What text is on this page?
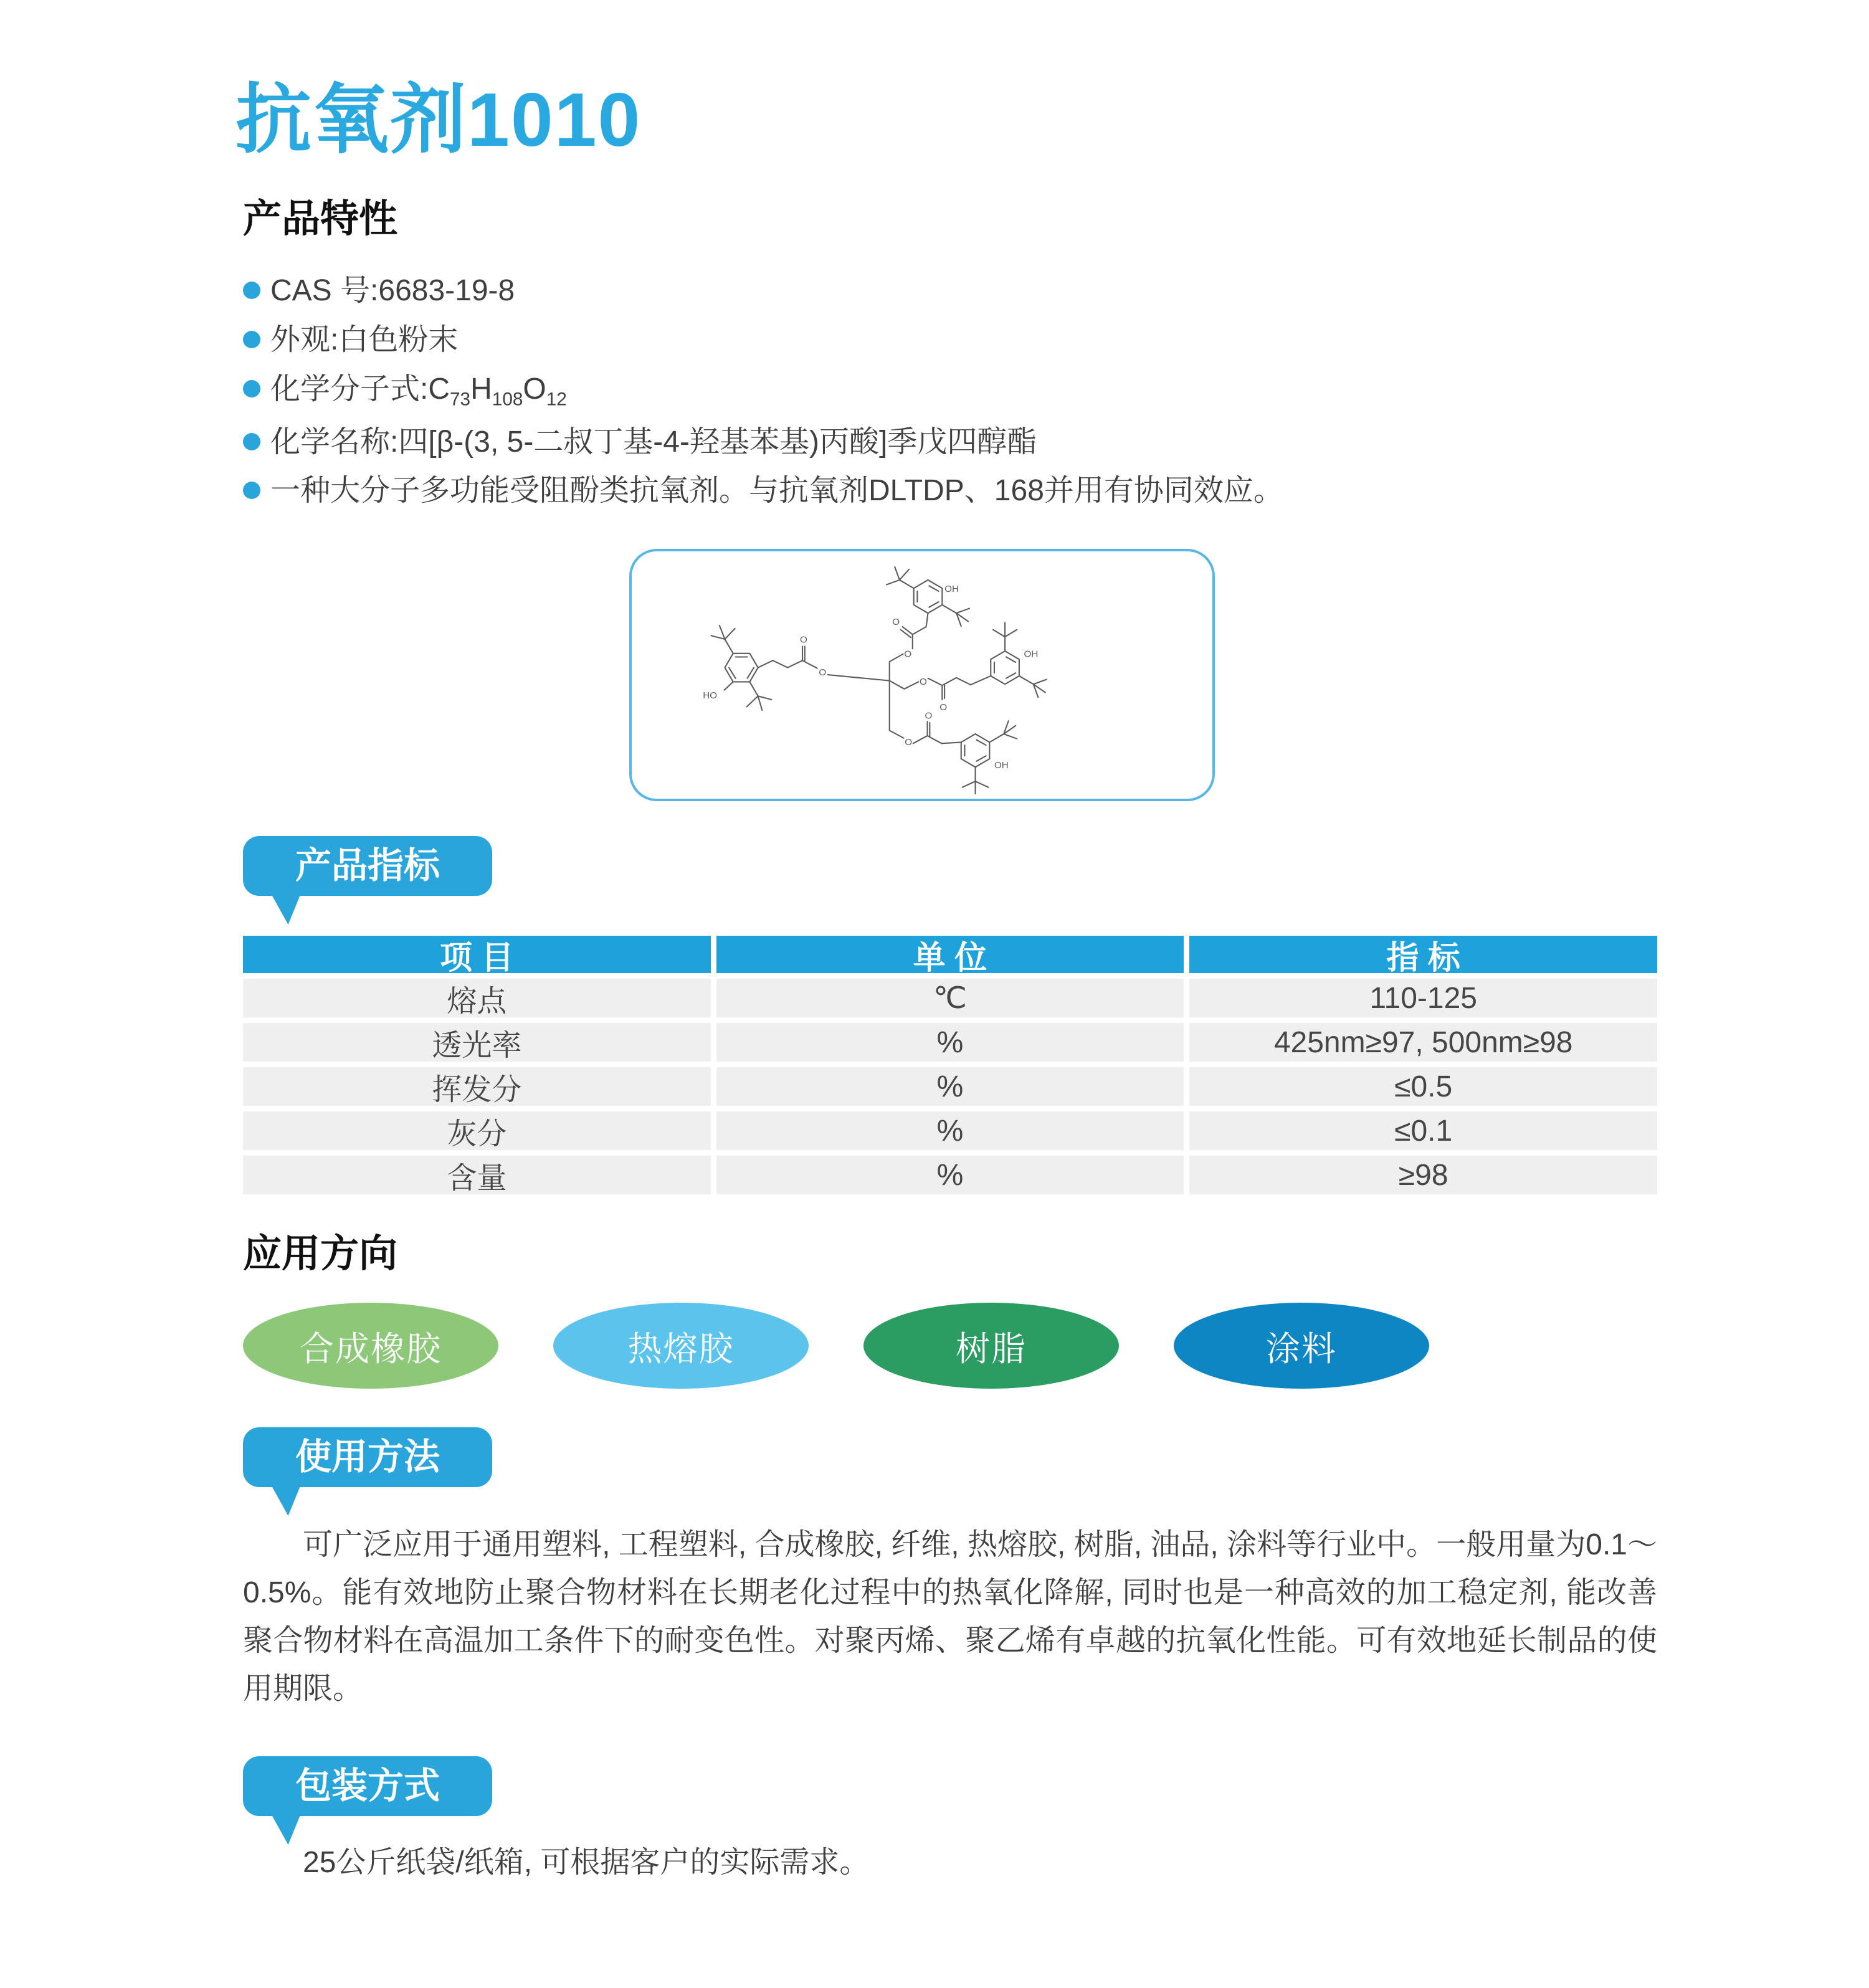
抗氧剂1010
产品特性
CAS 号:6683-19-8
外观:白色粉末
化学分子式$:C_{73}H_{108}O_{12}$
化学名称:四[β-(3, 5-二叔丁基-4-羟基苯基)丙酸]季戊四醇酯
一种大分子多功能受阻酚类抗氧剂。与抗氧剂DLTDP、168并用有协同效应。
O
O
O
O
O
O
O
O
OH
OH
HO
OH
产品指标
项 目	单 位	指 标
熔点	℃	110-125
透光率	%	425nm≥97, 500nm≥98
挥发分	%	≤0.5
灰分	%	≤0.1
含量	%	≥98
应用方向
合成橡胶	热熔胶	树脂	涂料
使用方法

可广泛应用于通用塑料, 工程塑料, 合成橡胶, 纤维, 热熔胶, 树脂, 油品, 涂料等行业中。一般用量为0.1～0.5%。能有效地防止聚合物材料在长期老化过程中的热氧化降解, 同时也是一种高效的加工稳定剂, 能改善聚合物材料在高温加工条件下的耐变色性。对聚丙烯、聚乙烯有卓越的抗氧化性能。可有效地延长制品的使用期限。

包装方式

25公斤纸袋/纸箱, 可根据客户的实际需求。
